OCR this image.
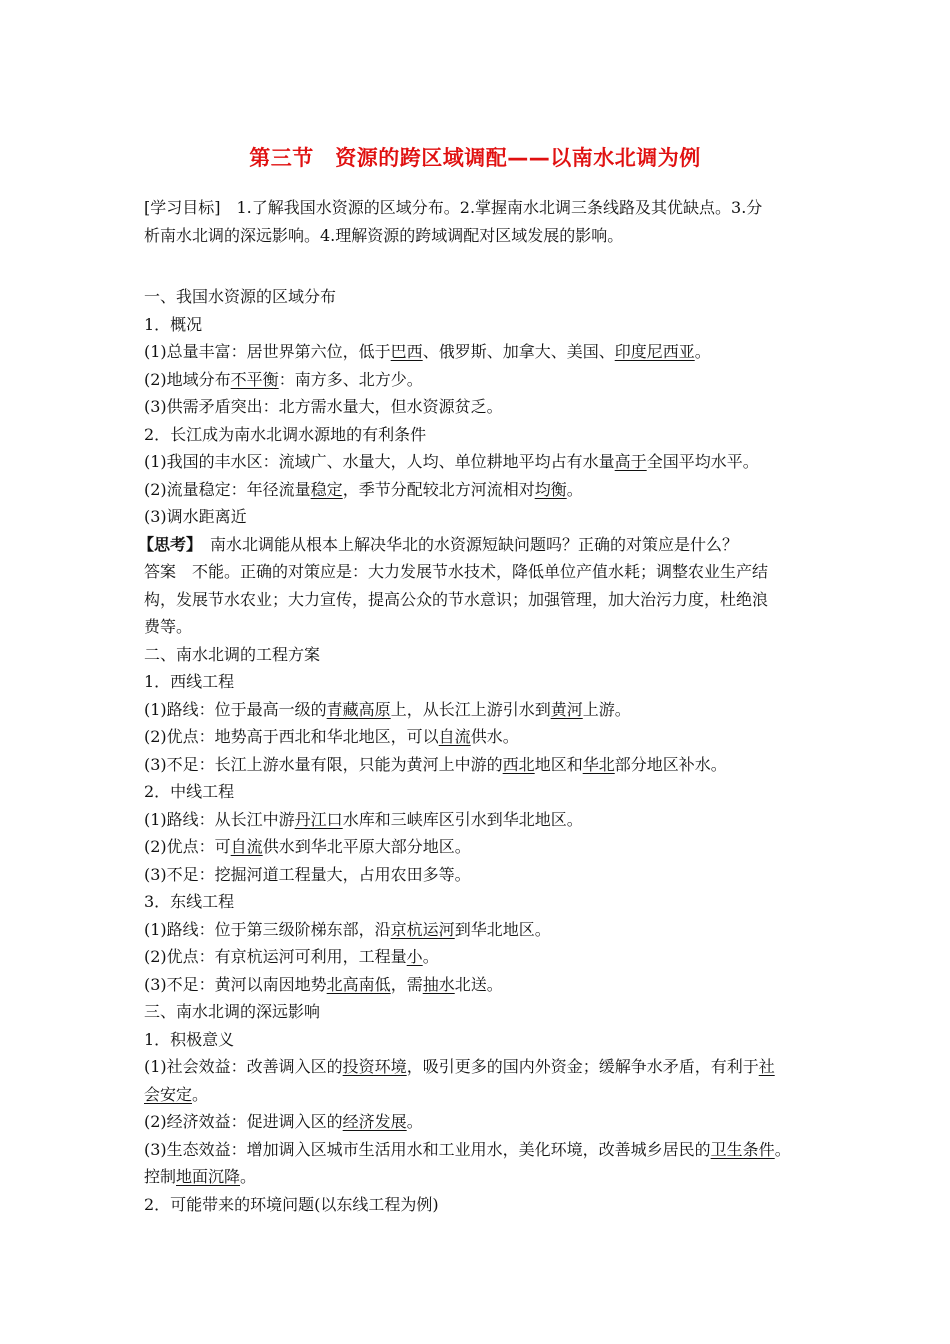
第三节　资源的跨区域调配——以南水北调为例
[学习目标]　1.了解我国水资源的区域分布。2.掌握南水北调三条线路及其优缺点。3.分
析南水北调的深远影响。4.理解资源的跨域调配对区域发展的影响。
一、我国水资源的区域分布
1．概况
(1)总量丰富：居世界第六位，低于巴西、俄罗斯、加拿大、美国、印度尼西亚。
(2)地域分布不平衡：南方多、北方少。
(3)供需矛盾突出：北方需水量大，但水资源贫乏。
2．长江成为南水北调水源地的有利条件
(1)我国的丰水区：流域广、水量大，人均、单位耕地平均占有水量高于全国平均水平。
(2)流量稳定：年径流量稳定，季节分配较北方河流相对均衡。
(3)调水距离近
【思考】　南水北调能从根本上解决华北的水资源短缺问题吗？正确的对策应是什么？
答案　不能。正确的对策应是：大力发展节水技术，降低单位产值水耗；调整农业生产结
构，发展节水农业；大力宣传，提高公众的节水意识；加强管理，加大治污力度，杜绝浪
费等。
二、南水北调的工程方案
1．西线工程
(1)路线：位于最高一级的青藏高原上，从长江上游引水到黄河上游。
(2)优点：地势高于西北和华北地区，可以自流供水。
(3)不足：长江上游水量有限，只能为黄河上中游的西北地区和华北部分地区补水。
2．中线工程
(1)路线：从长江中游丹江口水库和三峡库区引水到华北地区。
(2)优点：可自流供水到华北平原大部分地区。
(3)不足：挖掘河道工程量大，占用农田多等。
3．东线工程
(1)路线：位于第三级阶梯东部，沿京杭运河到华北地区。
(2)优点：有京杭运河可利用，工程量小。
(3)不足：黄河以南因地势北高南低，需抽水北送。
三、南水北调的深远影响
1．积极意义
(1)社会效益：改善调入区的投资环境，吸引更多的国内外资金；缓解争水矛盾，有利于社
会安定。
(2)经济效益：促进调入区的经济发展。
(3)生态效益：增加调入区城市生活用水和工业用水，美化环境，改善城乡居民的卫生条件。
控制地面沉降。
2．可能带来的环境问题(以东线工程为例)
